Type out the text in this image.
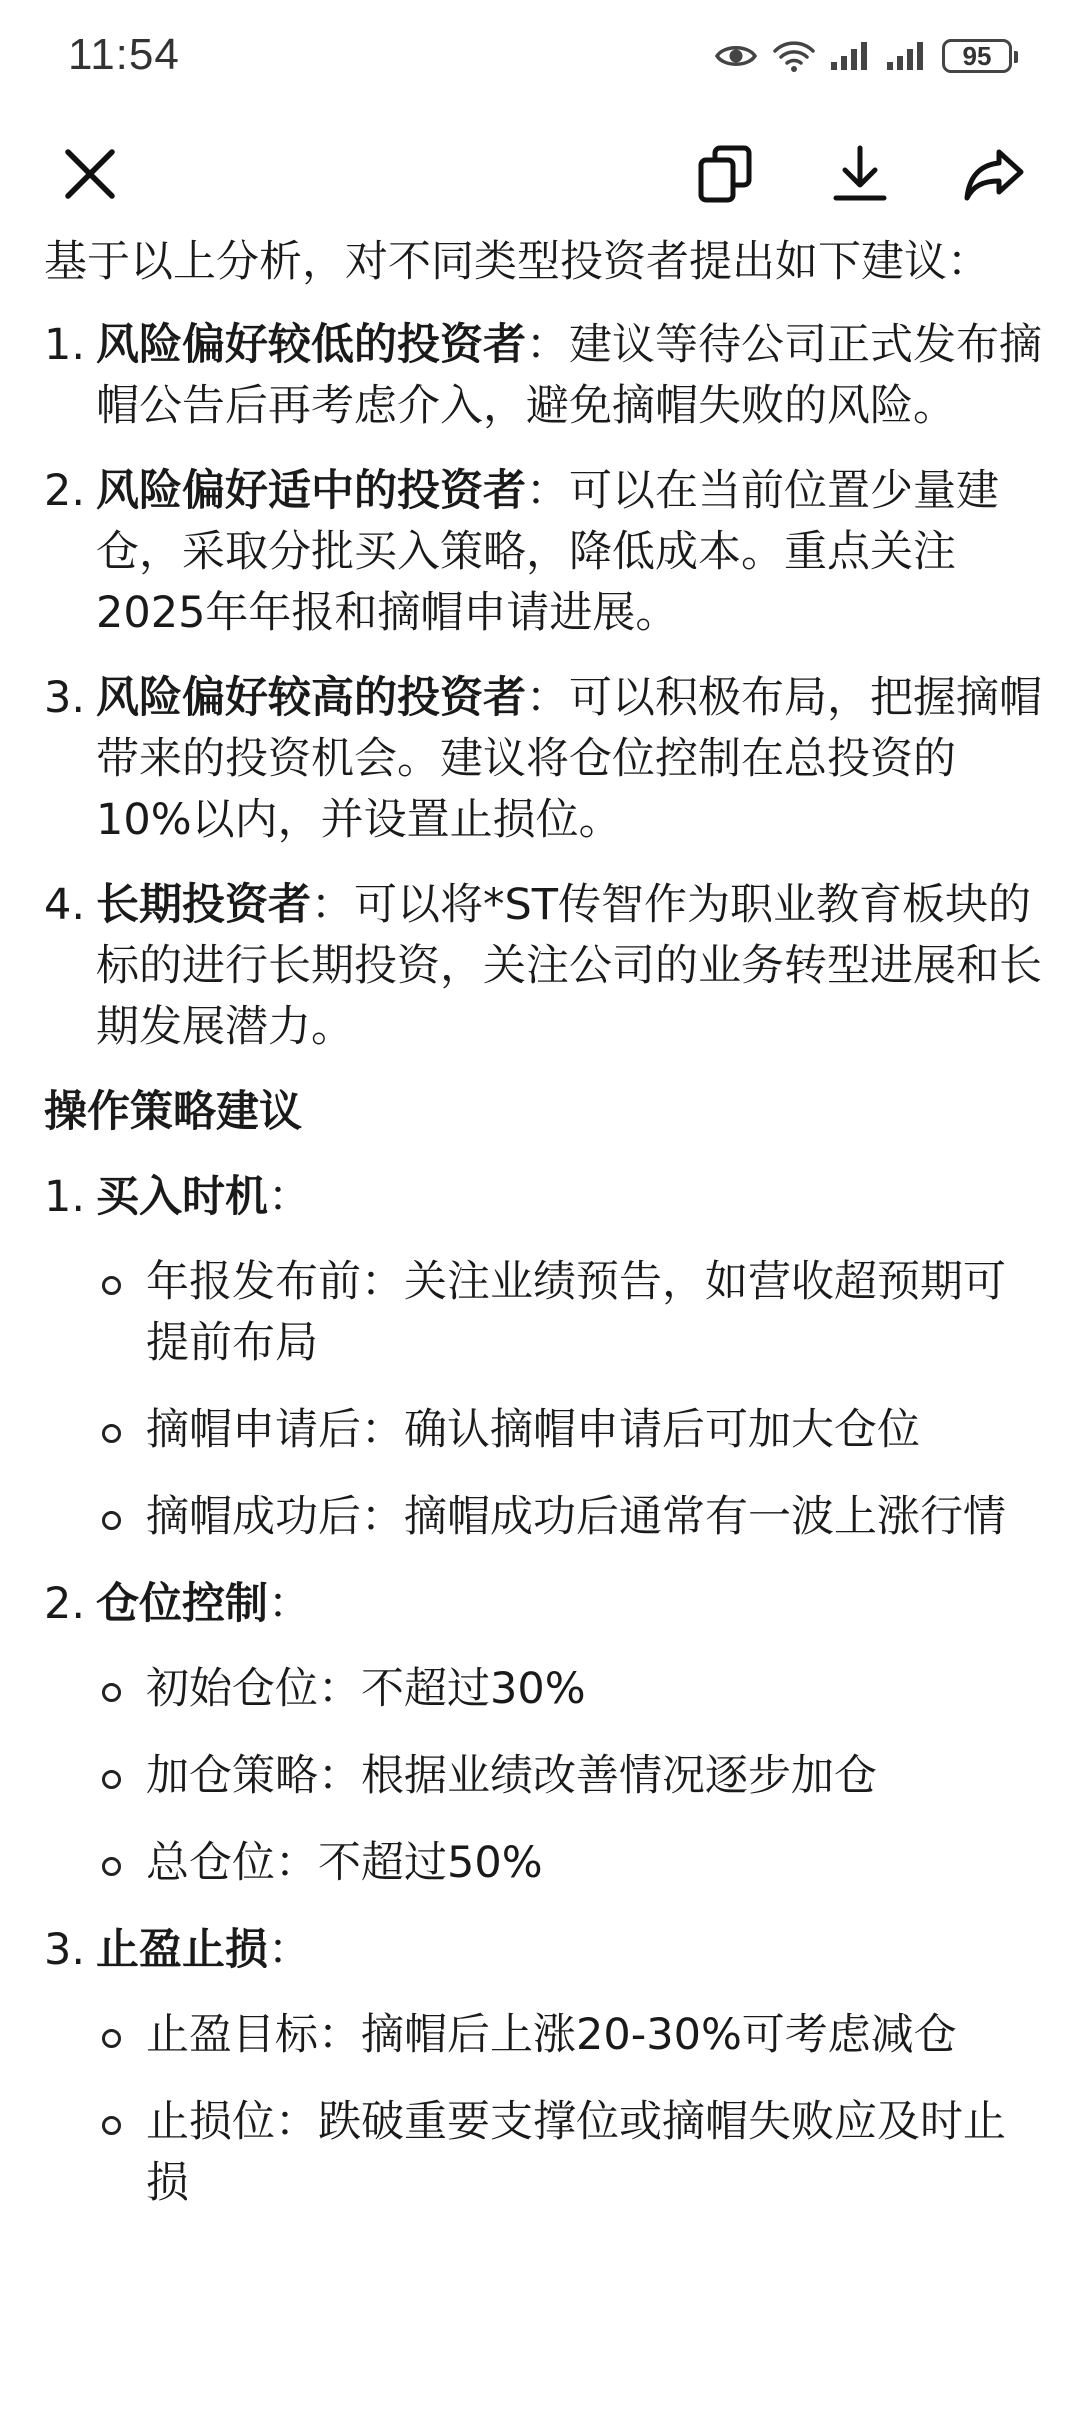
11:54	95

基于以上分析，对不同类型投资者提出如下建议：

1. 风险偏好较低的投资者：建议等待公司正式发布摘帽公告后再考虑介入，避免摘帽失败的风险。
2. 风险偏好适中的投资者：可以在当前位置少量建仓，采取分批买入策略，降低成本。重点关注2025年年报和摘帽申请进展。
3. 风险偏好较高的投资者：可以积极布局，把握摘帽带来的投资机会。建议将仓位控制在总投资的10%以内，并设置止损位。
4. 长期投资者：可以将*ST传智作为职业教育板块的标的进行长期投资，关注公司的业务转型进展和长期发展潜力。

操作策略建议

1. 买入时机：
年报发布前：关注业绩预告，如营收超预期可提前布局
摘帽申请后：确认摘帽申请后可加大仓位
摘帽成功后：摘帽成功后通常有一波上涨行情
2. 仓位控制：
初始仓位：不超过30%
加仓策略：根据业绩改善情况逐步加仓
总仓位：不超过50%
3. 止盈止损：
止盈目标：摘帽后上涨20-30%可考虑减仓
止损位：跌破重要支撑位或摘帽失败应及时止损
